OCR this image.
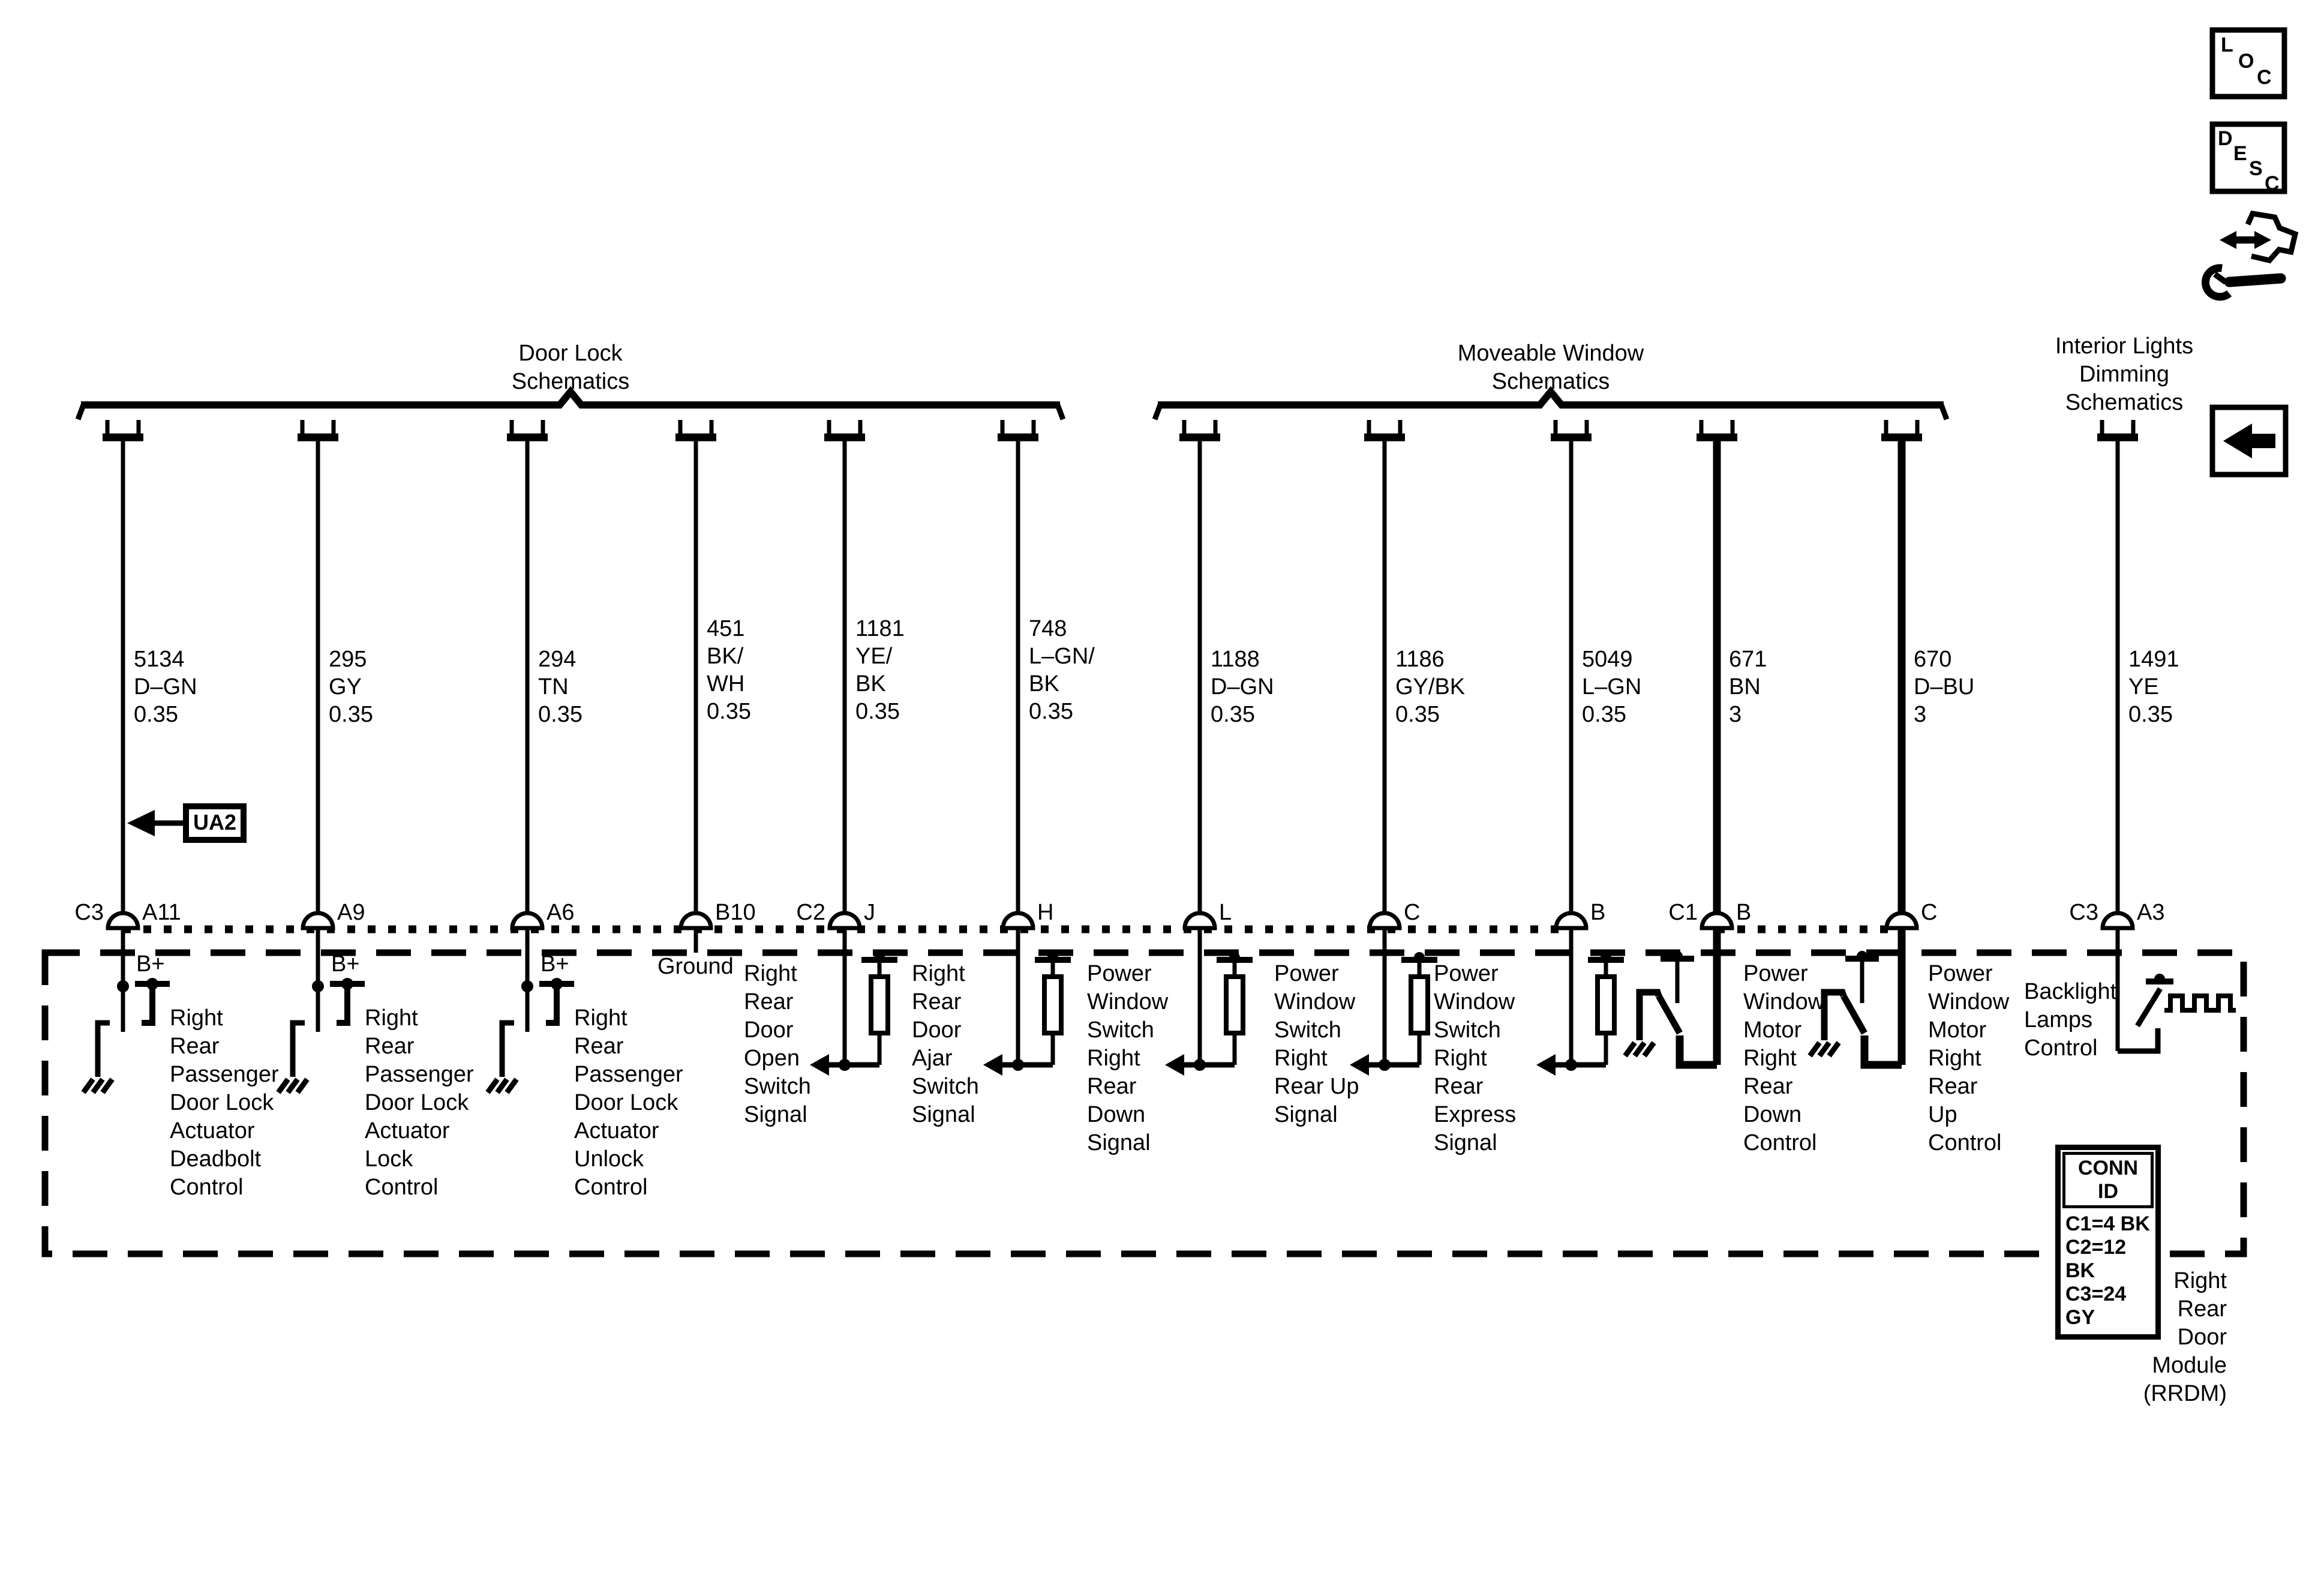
Door Lock
Schematics
Moveable Window
Schematics
Interior Lights
Dimming
Schematics
5134
D–GN
0.35
295
GY
0.35
294
TN
0.35
451
BK/
WH
0.35
1181
YE/
BK
0.35
748
L–GN/
BK
0.35
1188
D–GN
0.35
1186
GY/BK
0.35
5049
L–GN
0.35
671
BN
3
670
D–BU
3
1491
YE
0.35
C3	C2	C1	C3
A11	A9	A6	B10	J	H	L	C	B	B	C	A3
B+	B+	B+	Ground
Right
Rear
Passenger
Door Lock
Actuator
Deadbolt
Control
Right
Rear
Passenger
Door Lock
Actuator
Lock
Control
Right
Rear
Passenger
Door Lock
Actuator
Unlock
Control
Right
Rear
Door
Open
Switch
Signal
Right
Rear
Door
Ajar
Switch
Signal
Power
Window
Switch
Right
Rear
Down
Signal
Power
Window
Switch
Right
Rear Up
Signal
Power
Window
Switch
Right
Rear
Express
Signal
Power
Window
Motor
Right
Rear
Down
Control
Power
Window
Motor
Right
Rear
Up
Control
Backlight
Lamps
Control
UA2
CONN ID
C1=4 BK
C2=12 BK
C3=24 GY
Right
Rear
Door
Module
(RRDM)
L
O
C
D
E
S
C
